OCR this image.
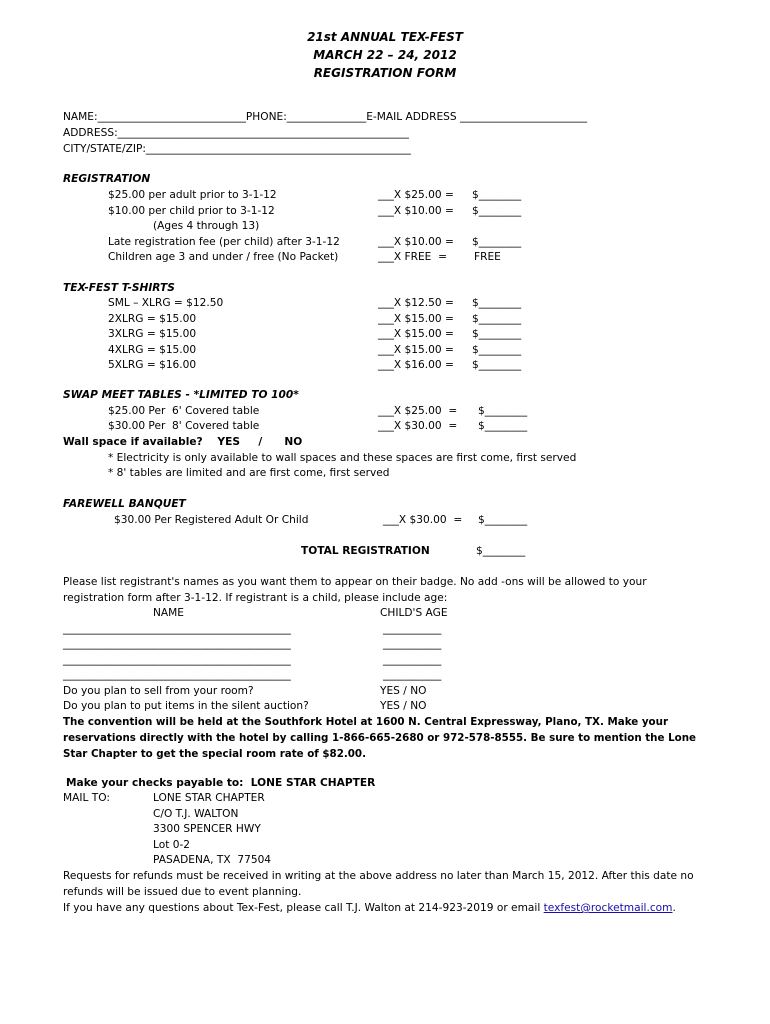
21st ANNUAL TEX-FEST
MARCH 22 – 24, 2012
REGISTRATION FORM
NAME:____________________________PHONE:_______________E-MAIL ADDRESS ________________________
ADDRESS:_______________________________________________________
CITY/STATE/ZIP:__________________________________________________
REGISTRATION
$25.00 per adult prior to 3-1-12	___X $25.00 = $________
$10.00 per child prior to 3-1-12	___X $10.00 = $________
(Ages 4 through 13)
Late registration fee (per child) after 3-1-12	___X $10.00 = $________
Children age 3 and under / free (No Packet)	___X FREE  =	FREE
TEX-FEST T-SHIRTS
SML – XLRG = $12.50	___X $12.50 = $________
2XLRG = $15.00	___X $15.00 = $________
3XLRG = $15.00	___X $15.00 = $________
4XLRG = $15.00	___X $15.00 = $________
5XLRG = $16.00	___X $16.00 = $________
SWAP MEET TABLES - *LIMITED TO 100*
$25.00 Per  6' Covered table	___X $25.00  = $________
$30.00 Per  8' Covered table	___X $30.00  = $________
Wall space if available?    YES     /      NO
* Electricity is only available to wall spaces and these spaces are first come, first served
* 8' tables are limited and are first come, first served
FAREWELL BANQUET
$30.00 Per Registered Adult Or Child	___X $30.00  = $________
TOTAL REGISTRATION	$________
Please list registrant's names as you want them to appear on their badge. No add -ons will be allowed to your registration form after 3-1-12. If registrant is a child, please include age:
NAME	CHILD'S AGE
___________________________________________	___________
___________________________________________	___________
___________________________________________	___________
___________________________________________	___________
Do you plan to sell from your room?	YES / NO
Do you plan to put items in the silent auction?	YES / NO
The convention will be held at the Southfork Hotel at 1600 N. Central Expressway, Plano, TX. Make your reservations directly with the hotel by calling 1-866-665-2680 or 972-578-8555. Be sure to mention the Lone Star Chapter to get the special room rate of $82.00.
Make your checks payable to:  LONE STAR CHAPTER
MAIL TO:	LONE STAR CHAPTER
C/O T.J. WALTON
3300 SPENCER HWY
Lot 0-2
PASADENA, TX  77504
Requests for refunds must be received in writing at the above address no later than March 15, 2012. After this date no refunds will be issued due to event planning.
If you have any questions about Tex-Fest, please call T.J. Walton at 214-923-2019 or email texfest@rocketmail.com.
